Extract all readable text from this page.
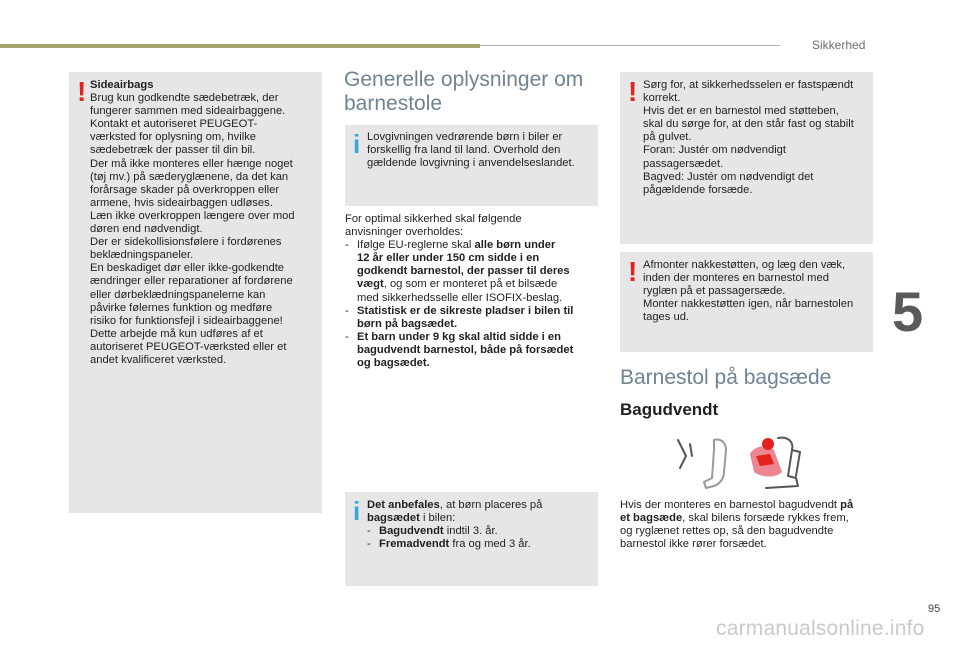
Sikkerhed
5
95
carmanualsonline.info
! Sideairbags

Brug kun godkendte sædebetræk, der

fungerer sammen med sideairbaggene.

Kontakt et autoriseret PEUGEOT-

værksted for oplysning om, hvilke

sædebetræk der passer til din bil.

Der må ikke monteres eller hænge noget

(tøj mv.) på sæderyglænene, da det kan

forårsage skader på overkroppen eller

armene, hvis sideairbaggen udløses.

Læn ikke overkroppen længere over mod

døren end nødvendigt.

Der er sidekollisionsfølere i fordørenes

beklædningspaneler.

En beskadiget dør eller ikke-godkendte

ændringer eller reparationer af fordørene

eller dørbeklædningspanelerne kan

påvirke følernes funktion og medføre

risiko for funktionsfejl i sideairbaggene!

Dette arbejde må kun udføres af et

autoriseret PEUGEOT-værksted eller et

andet kvalificeret værksted.

Generelle oplysninger om
barnestole
i Lovgivningen vedrørende børn i biler er

forskellig fra land til land. Overhold den

gældende lovgivning i anvendelseslandet.

For optimal sikkerhed skal følgende

anvisninger overholdes:

- Ifølge EU-reglerne skal alle børn under

12 år eller under 150 cm sidde i en

godkendt barnestol, der passer til deres

vægt, og som er monteret på et bilsæde

med sikkerhedsselle eller ISOFIX-beslag.

- Statistisk er de sikreste pladser i bilen til

børn på bagsædet.

- Et barn under 9 kg skal altid sidde i en

bagudvendt barnestol, både på forsædet

og bagsædet.

i Det anbefales, at børn placeres på

bagsædet i bilen:

- Bagudvendt indtil 3. år.

- Fremadvendt fra og med 3 år.

! Sørg for, at sikkerhedsselen er fastspændt

korrekt.

Hvis det er en barnestol med støtteben,

skal du sørge for, at den står fast og stabilt

på gulvet.

Foran: Justér om nødvendigt

passagersædet.

Bagved: Justér om nødvendigt det

pågældende forsæde.

! Afmonter nakkestøtten, og læg den væk,

inden der monteres en barnestol med

ryglæn på et passagersæde.

Monter nakkestøtten igen, når barnestolen

tages ud.

Barnestol på bagsæde
Bagudvendt

Hvis der monteres en barnestol bagudvendt på

et bagsæde, skal bilens forsæde rykkes frem,

og ryglænet rettes op, så den bagudvendte

barnestol ikke rører forsædet.
